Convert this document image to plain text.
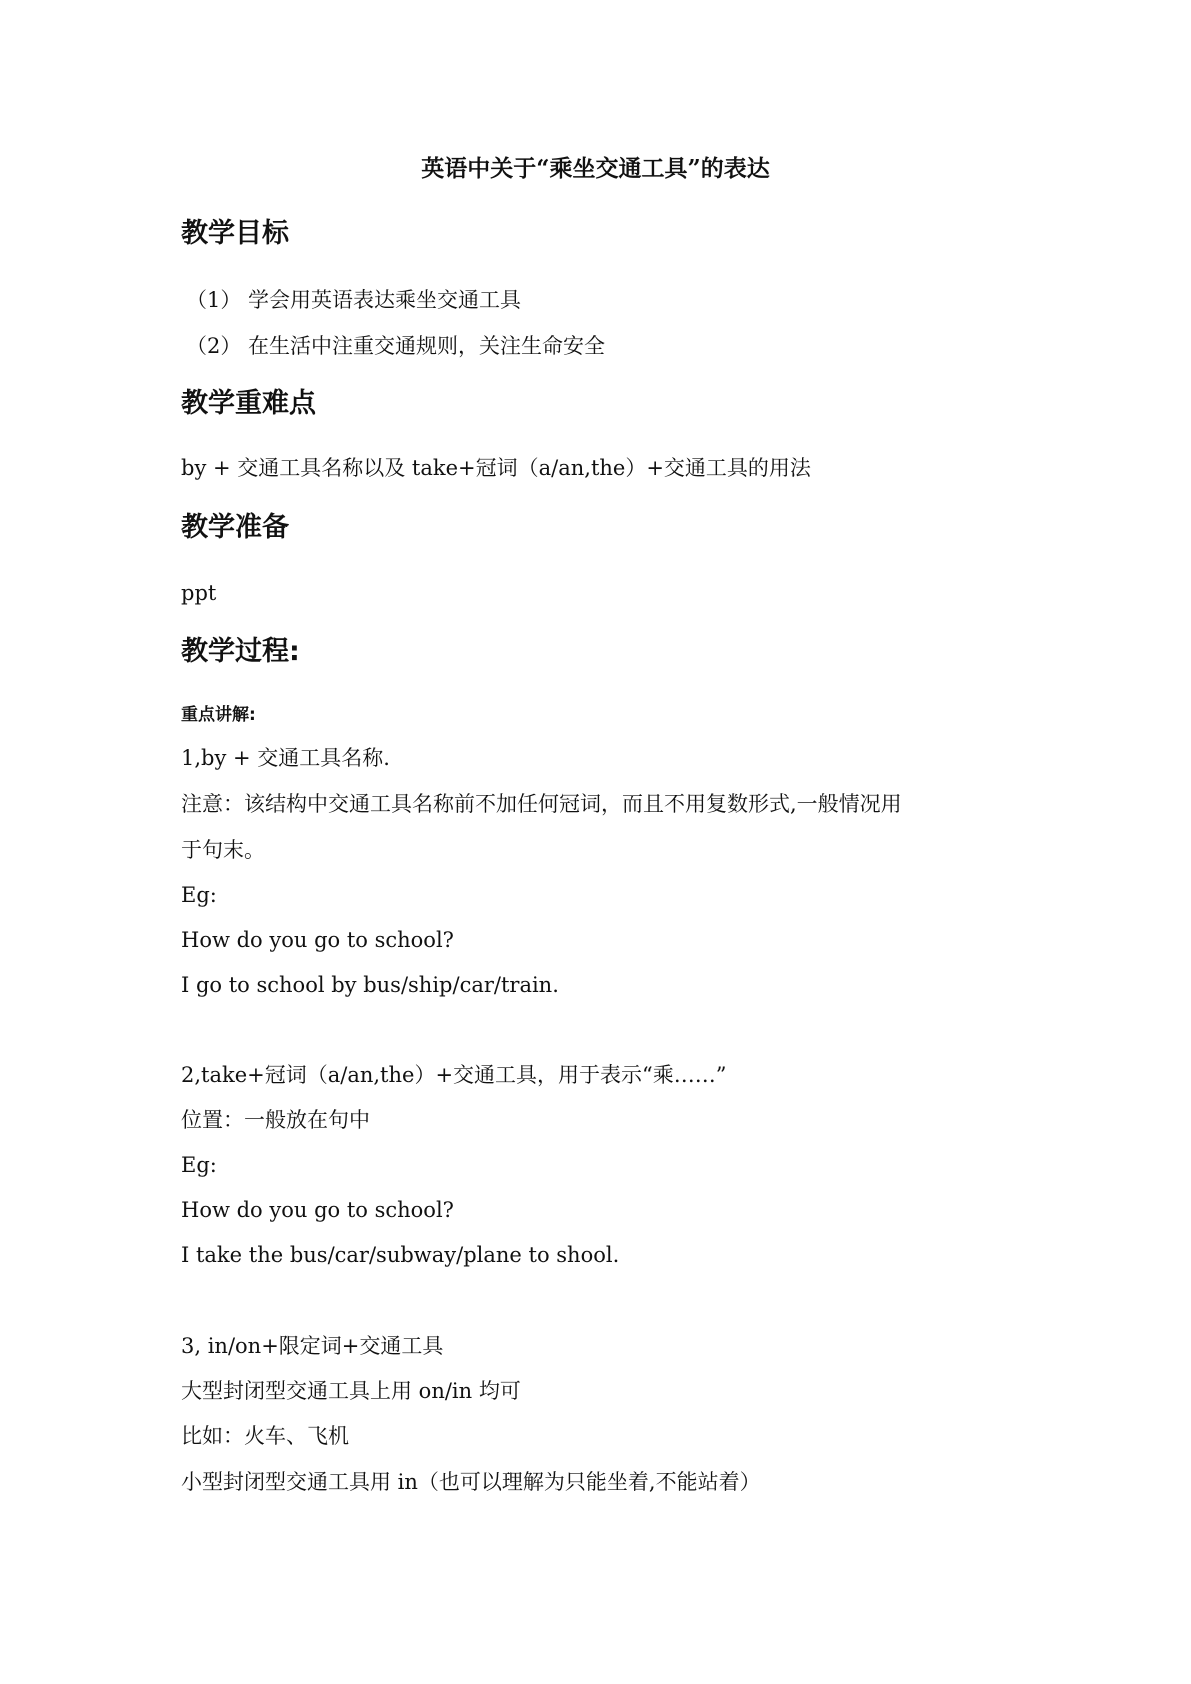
英语中关于“乘坐交通工具”的表达
教学目标
（1） 学会用英语表达乘坐交通工具
（2） 在生活中注重交通规则，关注生命安全
教学重难点
by + 交通工具名称以及 take+冠词（a/an,the）+交通工具的用法
教学准备
ppt
教学过程:
重点讲解:
1,by + 交通工具名称.
注意：该结构中交通工具名称前不加任何冠词，而且不用复数形式,一般情况用
于句末。
Eg:
How do you go to school?
I go to school by bus/ship/car/train.
2,take+冠词（a/an,the）+交通工具，用于表示“乘……”
位置：一般放在句中
Eg:
How do you go to school?
I take the bus/car/subway/plane to shool.
3, in/on+限定词+交通工具
大型封闭型交通工具上用 on/in 均可
比如：火车、飞机
小型封闭型交通工具用 in（也可以理解为只能坐着,不能站着）
